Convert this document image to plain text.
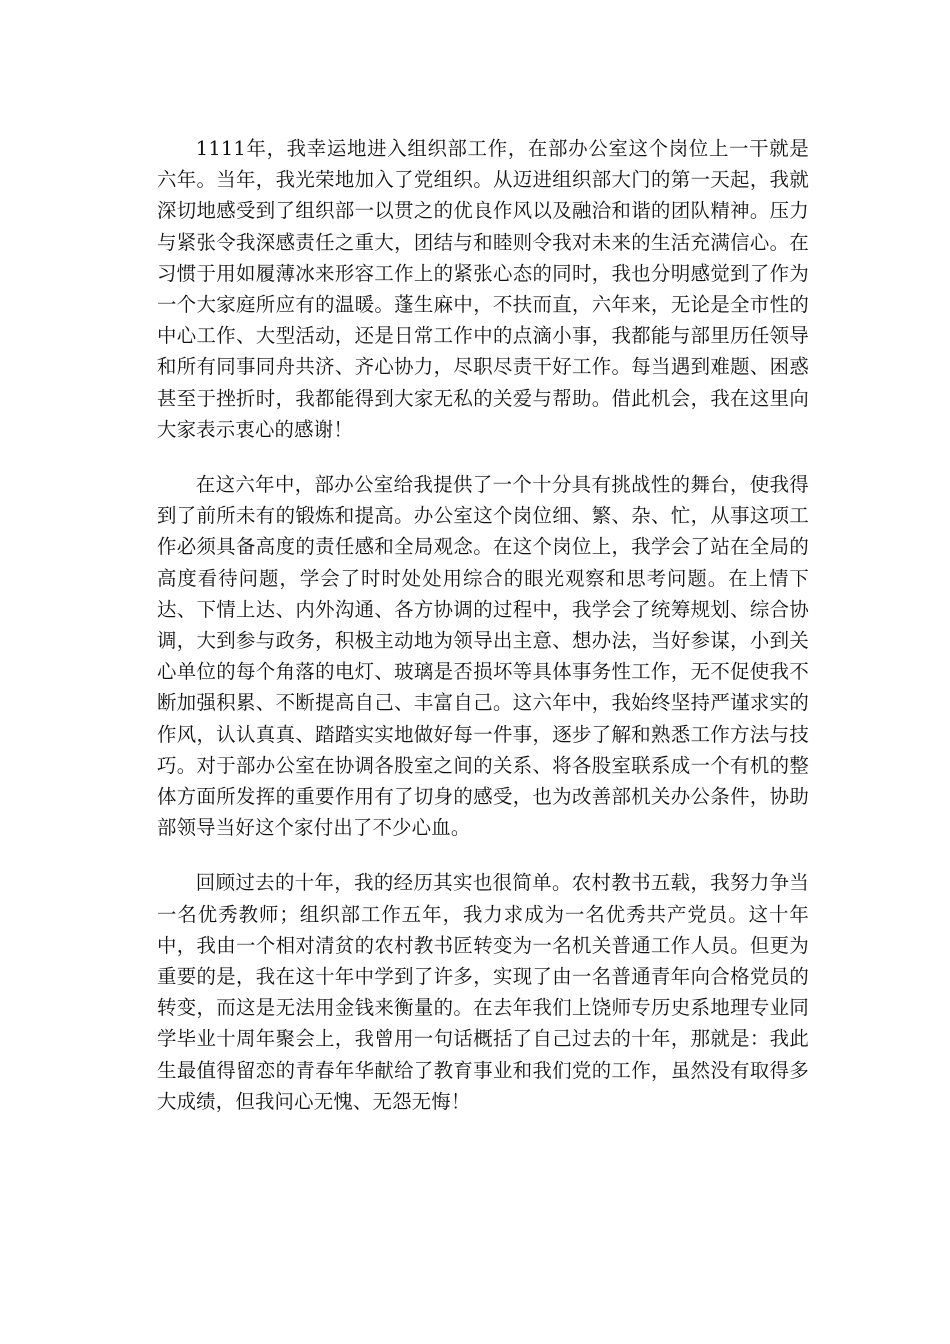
1111年，我幸运地进入组织部工作，在部办公室这个岗位上一干就是六年。当年，我光荣地加入了党组织。从迈进组织部大门的第一天起，我就深切地感受到了组织部一以贯之的优良作风以及融洽和谐的团队精神。压力与紧张令我深感责任之重大，团结与和睦则令我对未来的生活充满信心。在习惯于用如履薄冰来形容工作上的紧张心态的同时，我也分明感觉到了作为一个大家庭所应有的温暖。蓬生麻中，不扶而直，六年来，无论是全市性的中心工作、大型活动，还是日常工作中的点滴小事，我都能与部里历任领导和所有同事同舟共济、齐心协力，尽职尽责干好工作。每当遇到难题、困惑甚至于挫折时，我都能得到大家无私的关爱与帮助。借此机会，我在这里向大家表示衷心的感谢！

在这六年中，部办公室给我提供了一个十分具有挑战性的舞台，使我得到了前所未有的锻炼和提高。办公室这个岗位细、繁、杂、忙，从事这项工作必须具备高度的责任感和全局观念。在这个岗位上，我学会了站在全局的高度看待问题，学会了时时处处用综合的眼光观察和思考问题。在上情下达、下情上达、内外沟通、各方协调的过程中，我学会了统筹规划、综合协调，大到参与政务，积极主动地为领导出主意、想办法，当好参谋，小到关心单位的每个角落的电灯、玻璃是否损坏等具体事务性工作，无不促使我不断加强积累、不断提高自己、丰富自己。这六年中，我始终坚持严谨求实的作风，认认真真、踏踏实实地做好每一件事，逐步了解和熟悉工作方法与技巧。对于部办公室在协调各股室之间的关系、将各股室联系成一个有机的整体方面所发挥的重要作用有了切身的感受，也为改善部机关办公条件，协助部领导当好这个家付出了不少心血。

回顾过去的十年，我的经历其实也很简单。农村教书五载，我努力争当一名优秀教师；组织部工作五年，我力求成为一名优秀共产党员。这十年中，我由一个相对清贫的农村教书匠转变为一名机关普通工作人员。但更为重要的是，我在这十年中学到了许多，实现了由一名普通青年向合格党员的转变，而这是无法用金钱来衡量的。在去年我们上饶师专历史系地理专业同学毕业十周年聚会上，我曾用一句话概括了自己过去的十年，那就是：我此生最值得留恋的青春年华献给了教育事业和我们党的工作，虽然没有取得多大成绩，但我问心无愧、无怨无悔！
